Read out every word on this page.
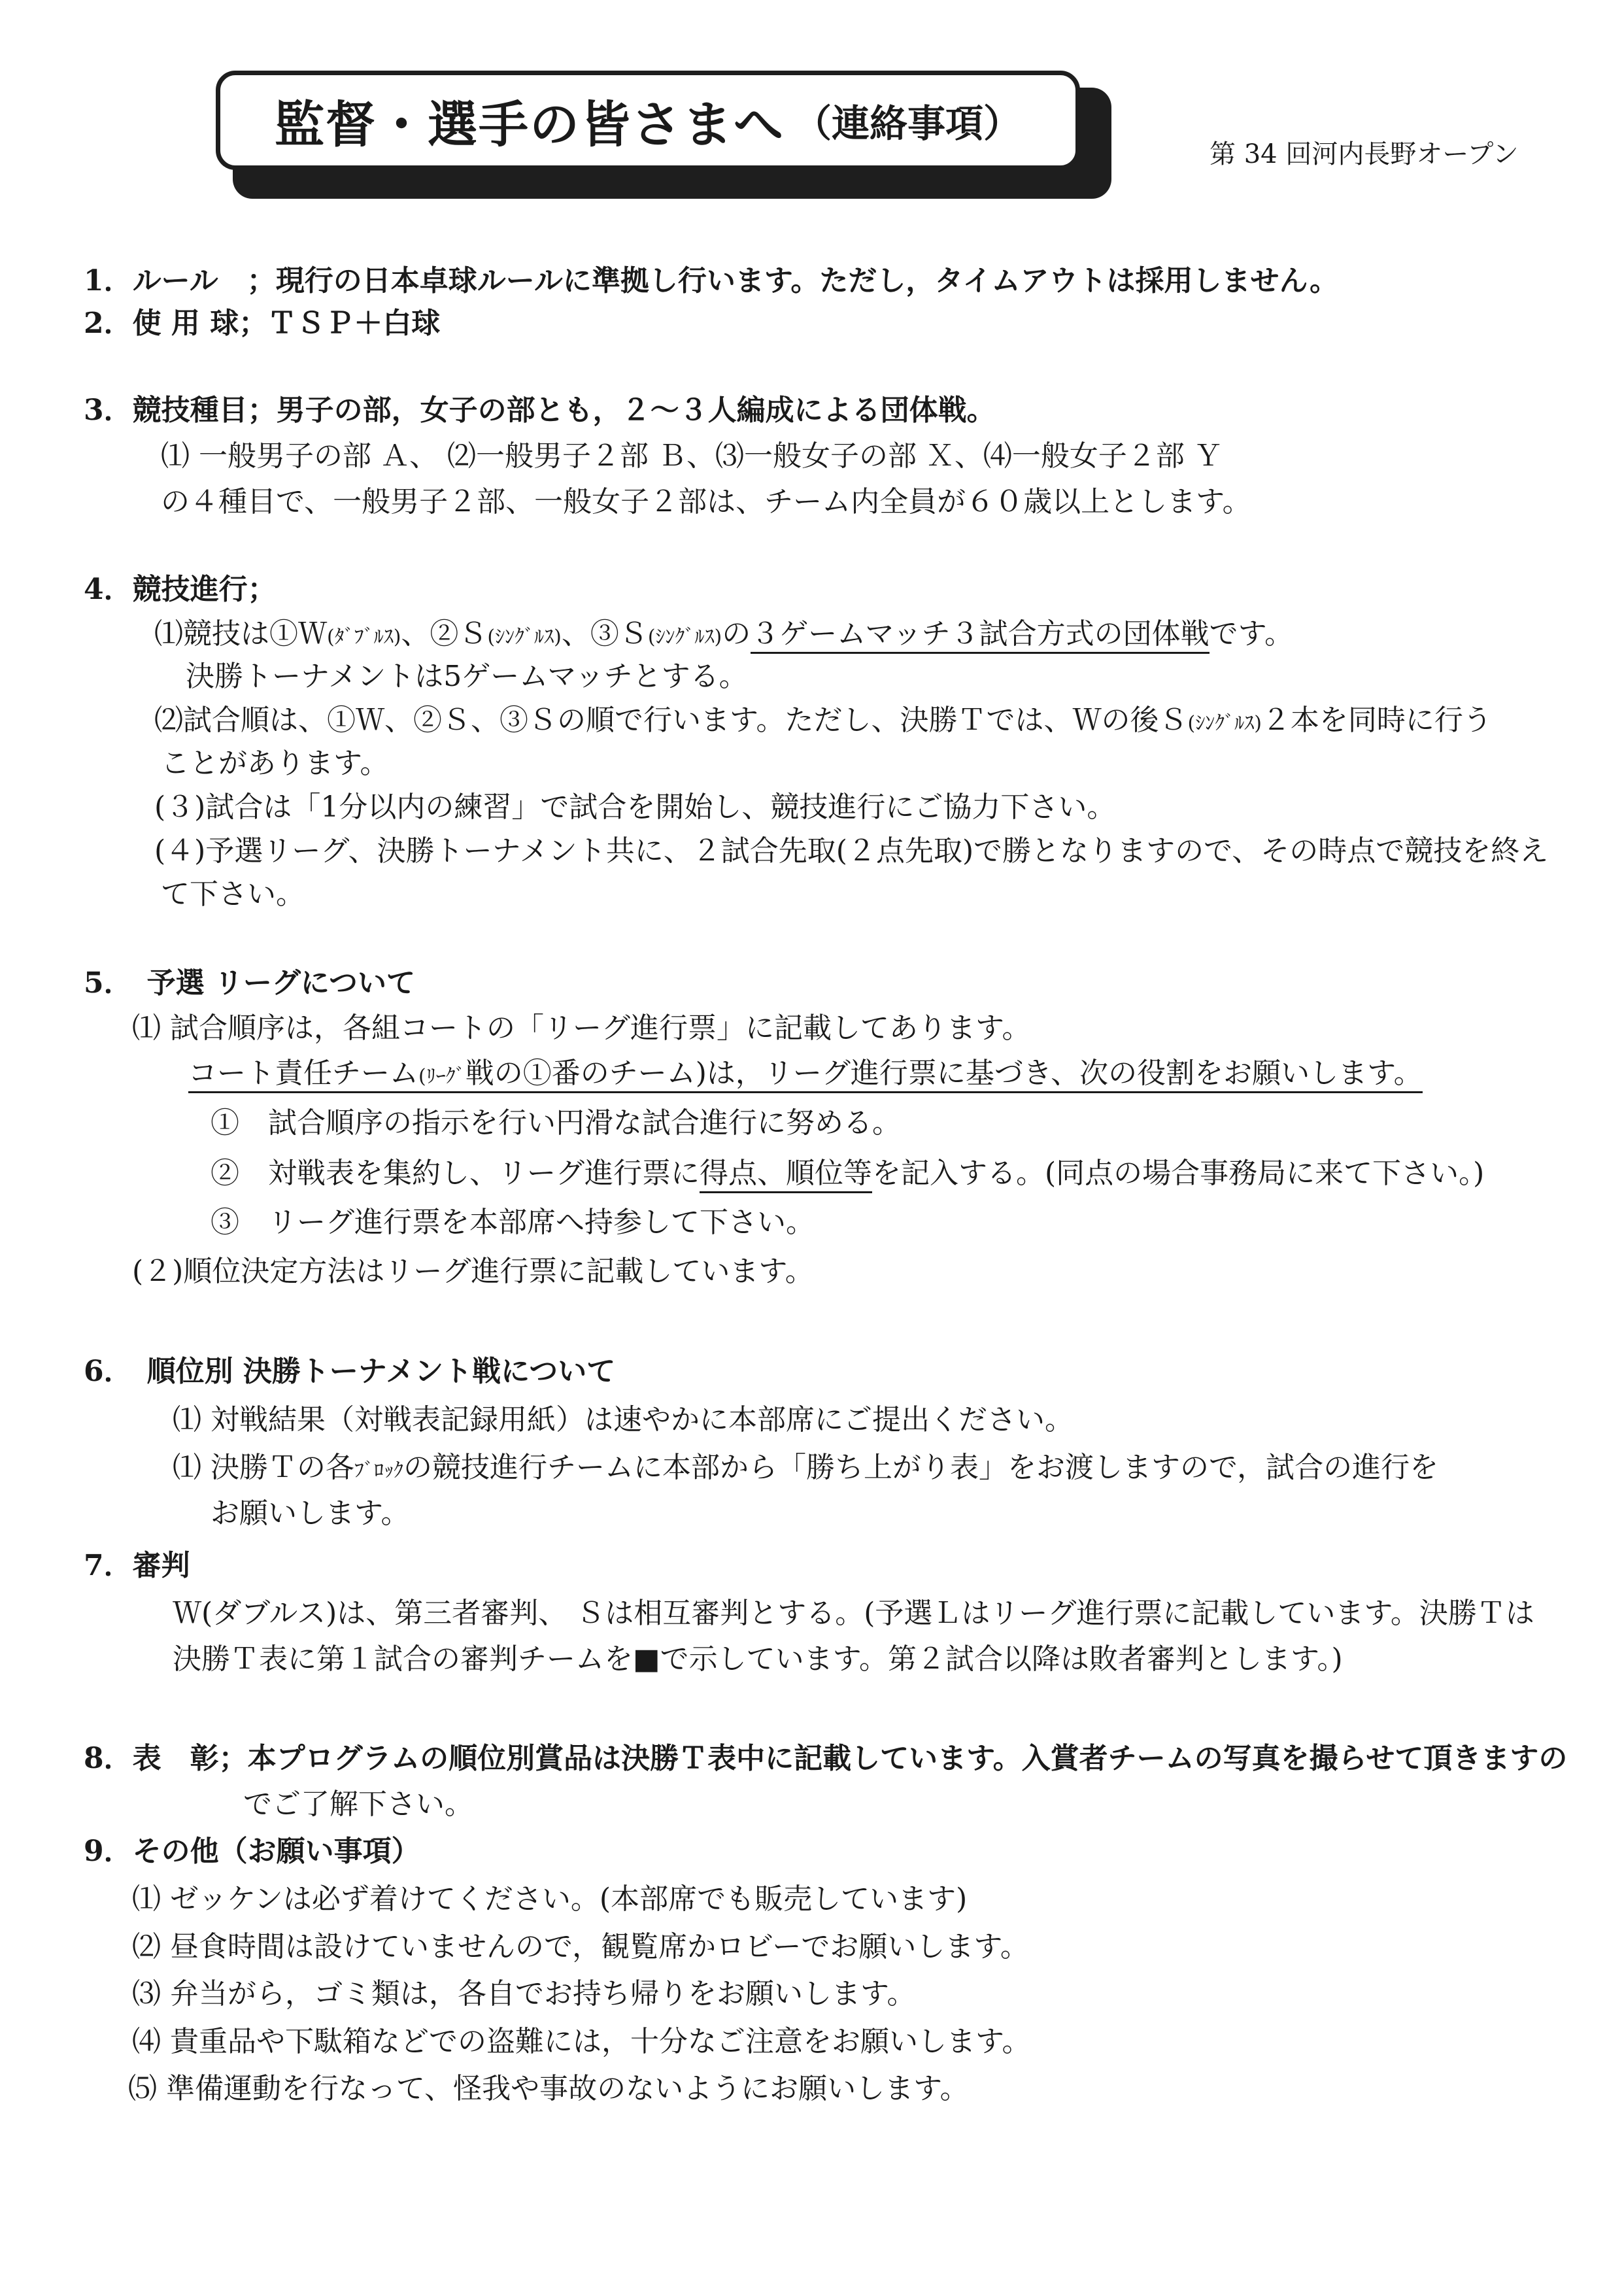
監督・選手の皆さまへ （連絡事項）
第 34 回河内長野オープン
1．ルール　；現行の日本卓球ルールに準拠し行います。ただし，タイムアウトは採用しません。
2．使 用 球；ＴＳＰ＋白球
3．競技種目；男子の部，女子の部とも，２～３人編成による団体戦。
⑴ 一般男子の部 Ａ、 ⑵一般男子２部 Ｂ、⑶一般女子の部 Ｘ、⑷一般女子２部 Ｙ
の４種目で、一般男子２部、一般女子２部は、チーム内全員が６０歳以上とします。
4．競技進行；
⑴競技は①Ｗ(ﾀﾞﾌﾞﾙｽ)、②Ｓ(ｼﾝｸﾞﾙｽ)、③Ｓ(ｼﾝｸﾞﾙｽ)の３ゲームマッチ３試合方式の団体戦です。
決勝トーナメントは5ゲームマッチとする。
⑵試合順は、①Ｗ、②Ｓ、③Ｓの順で行います。ただし、決勝Ｔでは、Ｗの後Ｓ(ｼﾝｸﾞﾙｽ)２本を同時に行う
ことがあります。
(３)試合は「1分以内の練習」で試合を開始し、競技進行にご協力下さい。
(４)予選リーグ、決勝トーナメント共に、２試合先取(２点先取)で勝となりますので、その時点で競技を終え
て下さい。
5．　予選 リーグについて
⑴ 試合順序は，各組コートの「リーグ進行票」に記載してあります。
コート責任チーム(ﾘｰｸﾞ戦の①番のチーム)は，リーグ進行票に基づき、次の役割をお願いします。
①　試合順序の指示を行い円滑な試合進行に努める。
②　対戦表を集約し、リーグ進行票に得点、順位等を記入する。(同点の場合事務局に来て下さい。)
③　リーグ進行票を本部席へ持参して下さい。
(２)順位決定方法はリーグ進行票に記載しています。
6．　順位別 決勝トーナメント戦について
⑴ 対戦結果（対戦表記録用紙）は速やかに本部席にご提出ください。
⑴ 決勝Ｔの各ﾌﾞﾛｯｸの競技進行チームに本部から「勝ち上がり表」をお渡しますので，試合の進行を
お願いします。
7．審判
Ｗ(ダブルス)は、第三者審判、 Ｓは相互審判とする。(予選Ｌはリーグ進行票に記載しています。決勝Ｔは
決勝Ｔ表に第１試合の審判チームを■で示しています。第２試合以降は敗者審判とします。)
8．表　彰；本プログラムの順位別賞品は決勝Ｔ表中に記載しています。入賞者チームの写真を撮らせて頂きますの
でご了解下さい。
9．その他（お願い事項）
⑴ ゼッケンは必ず着けてください。(本部席でも販売しています)
⑵ 昼食時間は設けていませんので，観覧席かロビーでお願いします。
⑶ 弁当がら，ゴミ類は，各自でお持ち帰りをお願いします。
⑷ 貴重品や下駄箱などでの盗難には，十分なご注意をお願いします。
⑸ 準備運動を行なって、怪我や事故のないようにお願いします。
